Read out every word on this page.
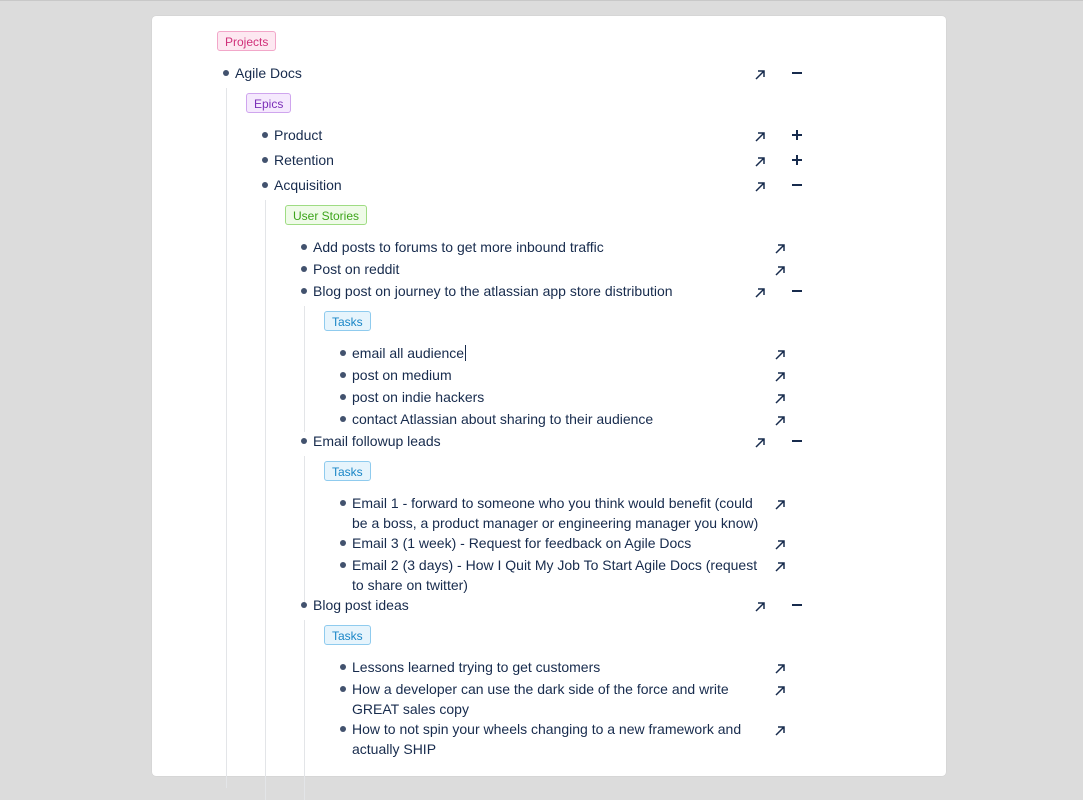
Projects
Agile Docs
Epics
Product
Retention
Acquisition
User Stories
Add posts to forums to get more inbound traffic
Post on reddit
Blog post on journey to the atlassian app store distribution
Tasks
email all audience
post on medium
post on indie hackers
contact Atlassian about sharing to their audience
Email followup leads
Tasks
Email 1 - forward to someone who you think would benefit (could be a boss, a product manager or engineering manager you know)
Email 3 (1 week) - Request for feedback on Agile Docs
Email 2 (3 days) - How I Quit My Job To Start Agile Docs (request to share on twitter)
Blog post ideas
Tasks
Lessons learned trying to get customers
How a developer can use the dark side of the force and write GREAT sales copy
How to not spin your wheels changing to a new framework and actually SHIP
